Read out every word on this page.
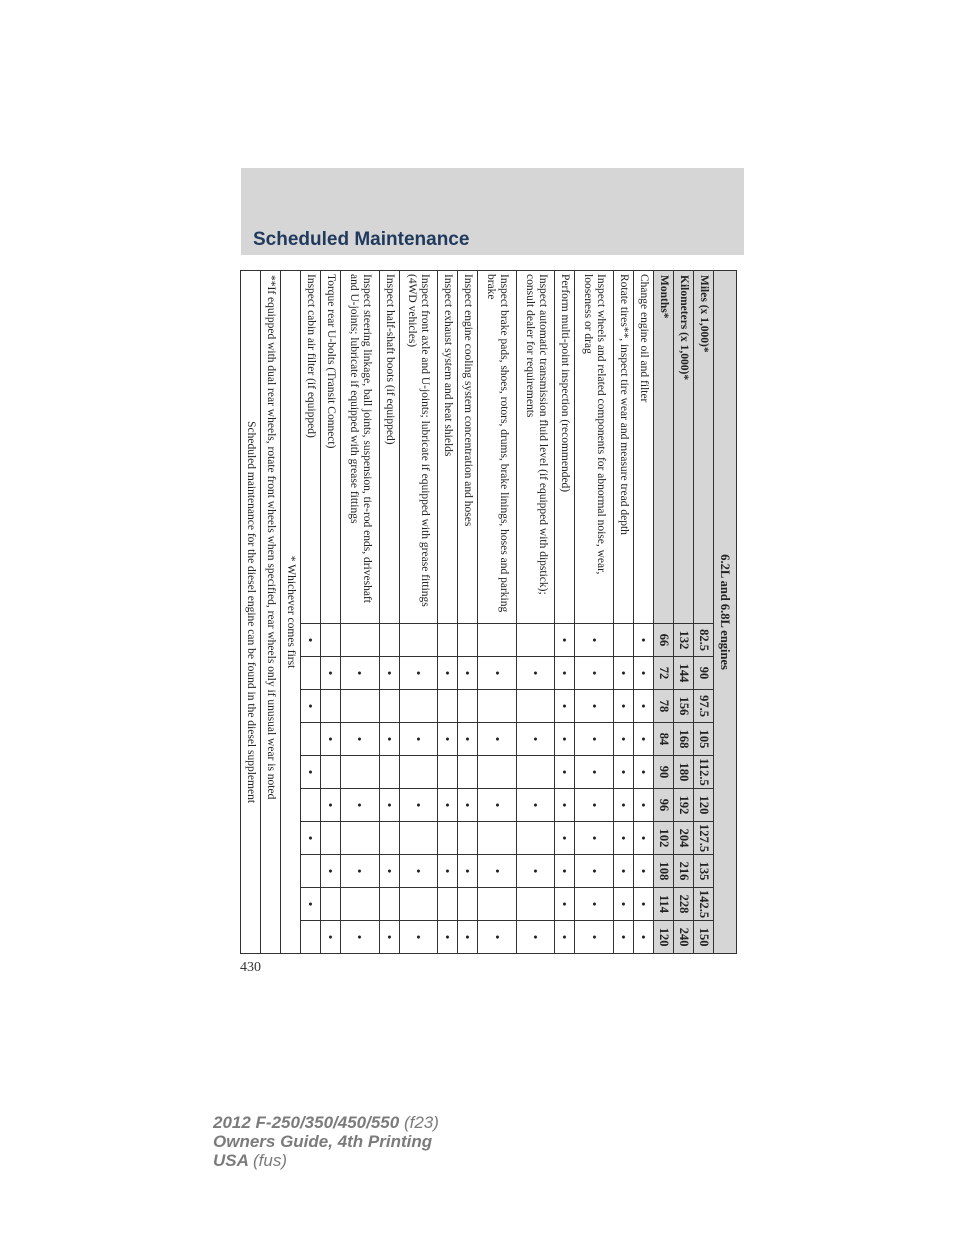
Scheduled Maintenance
6.2L and 6.8L engines										
Miles (x 1,000)*	82.5	90	97.5	105	112.5	120	127.5	135	142.5	150
Kilometers (x 1,000)*	132	144	156	168	180	192	204	216	228	240
Months*	66	72	78	84	90	96	102	108	114	120
Change engine oil and filter	•	•	•	•	•	•	•	•	•	•
Rotate tires**, inspect tire wear and measure tread depth		•	•	•	•	•	•	•	•	•
Inspect wheels and related components for abnormal noise, wear, looseness or drag	•	•	•	•	•	•	•	•	•	•
Perform multi-point inspection (recommended)	•	•	•	•	•	•	•	•	•	•
Inspect automatic transmission fluid level (if equipped with dipstick); consult dealer for requirements		•		•		•		•		•
Inspect brake pads, shoes, rotors, drums, brake linings, hoses and parking brake		•		•		•		•		•
Inspect engine cooling system concentration and hoses		•		•		•		•		•
Inspect exhaust system and heat shields		•		•		•		•		•
Inspect front axle and U-joints; lubricate if equipped with grease fittings (4WD vehicles)		•		•		•		•		•
Inspect half-shaft boots (if equipped)		•		•		•		•		•
Inspect steering linkage, ball joints, suspension, tie-rod ends, driveshaft and U-joints; lubricate if equipped with grease fittings		•		•		•		•		•
Torque rear U-bolts (Transit Connect)		•		•		•		•		•
Inspect cabin air filter (if equipped)	•		•		•		•		•	
* Whichever comes first										
**If equipped with dual rear wheels, rotate front wheels when specified, rear wheels only if unusual wear is noted										
Scheduled maintenance for the diesel engine can be found in the diesel supplement										

430

2012 F-250/350/450/550 (f23)
Owners Guide, 4th Printing
USA (fus)
